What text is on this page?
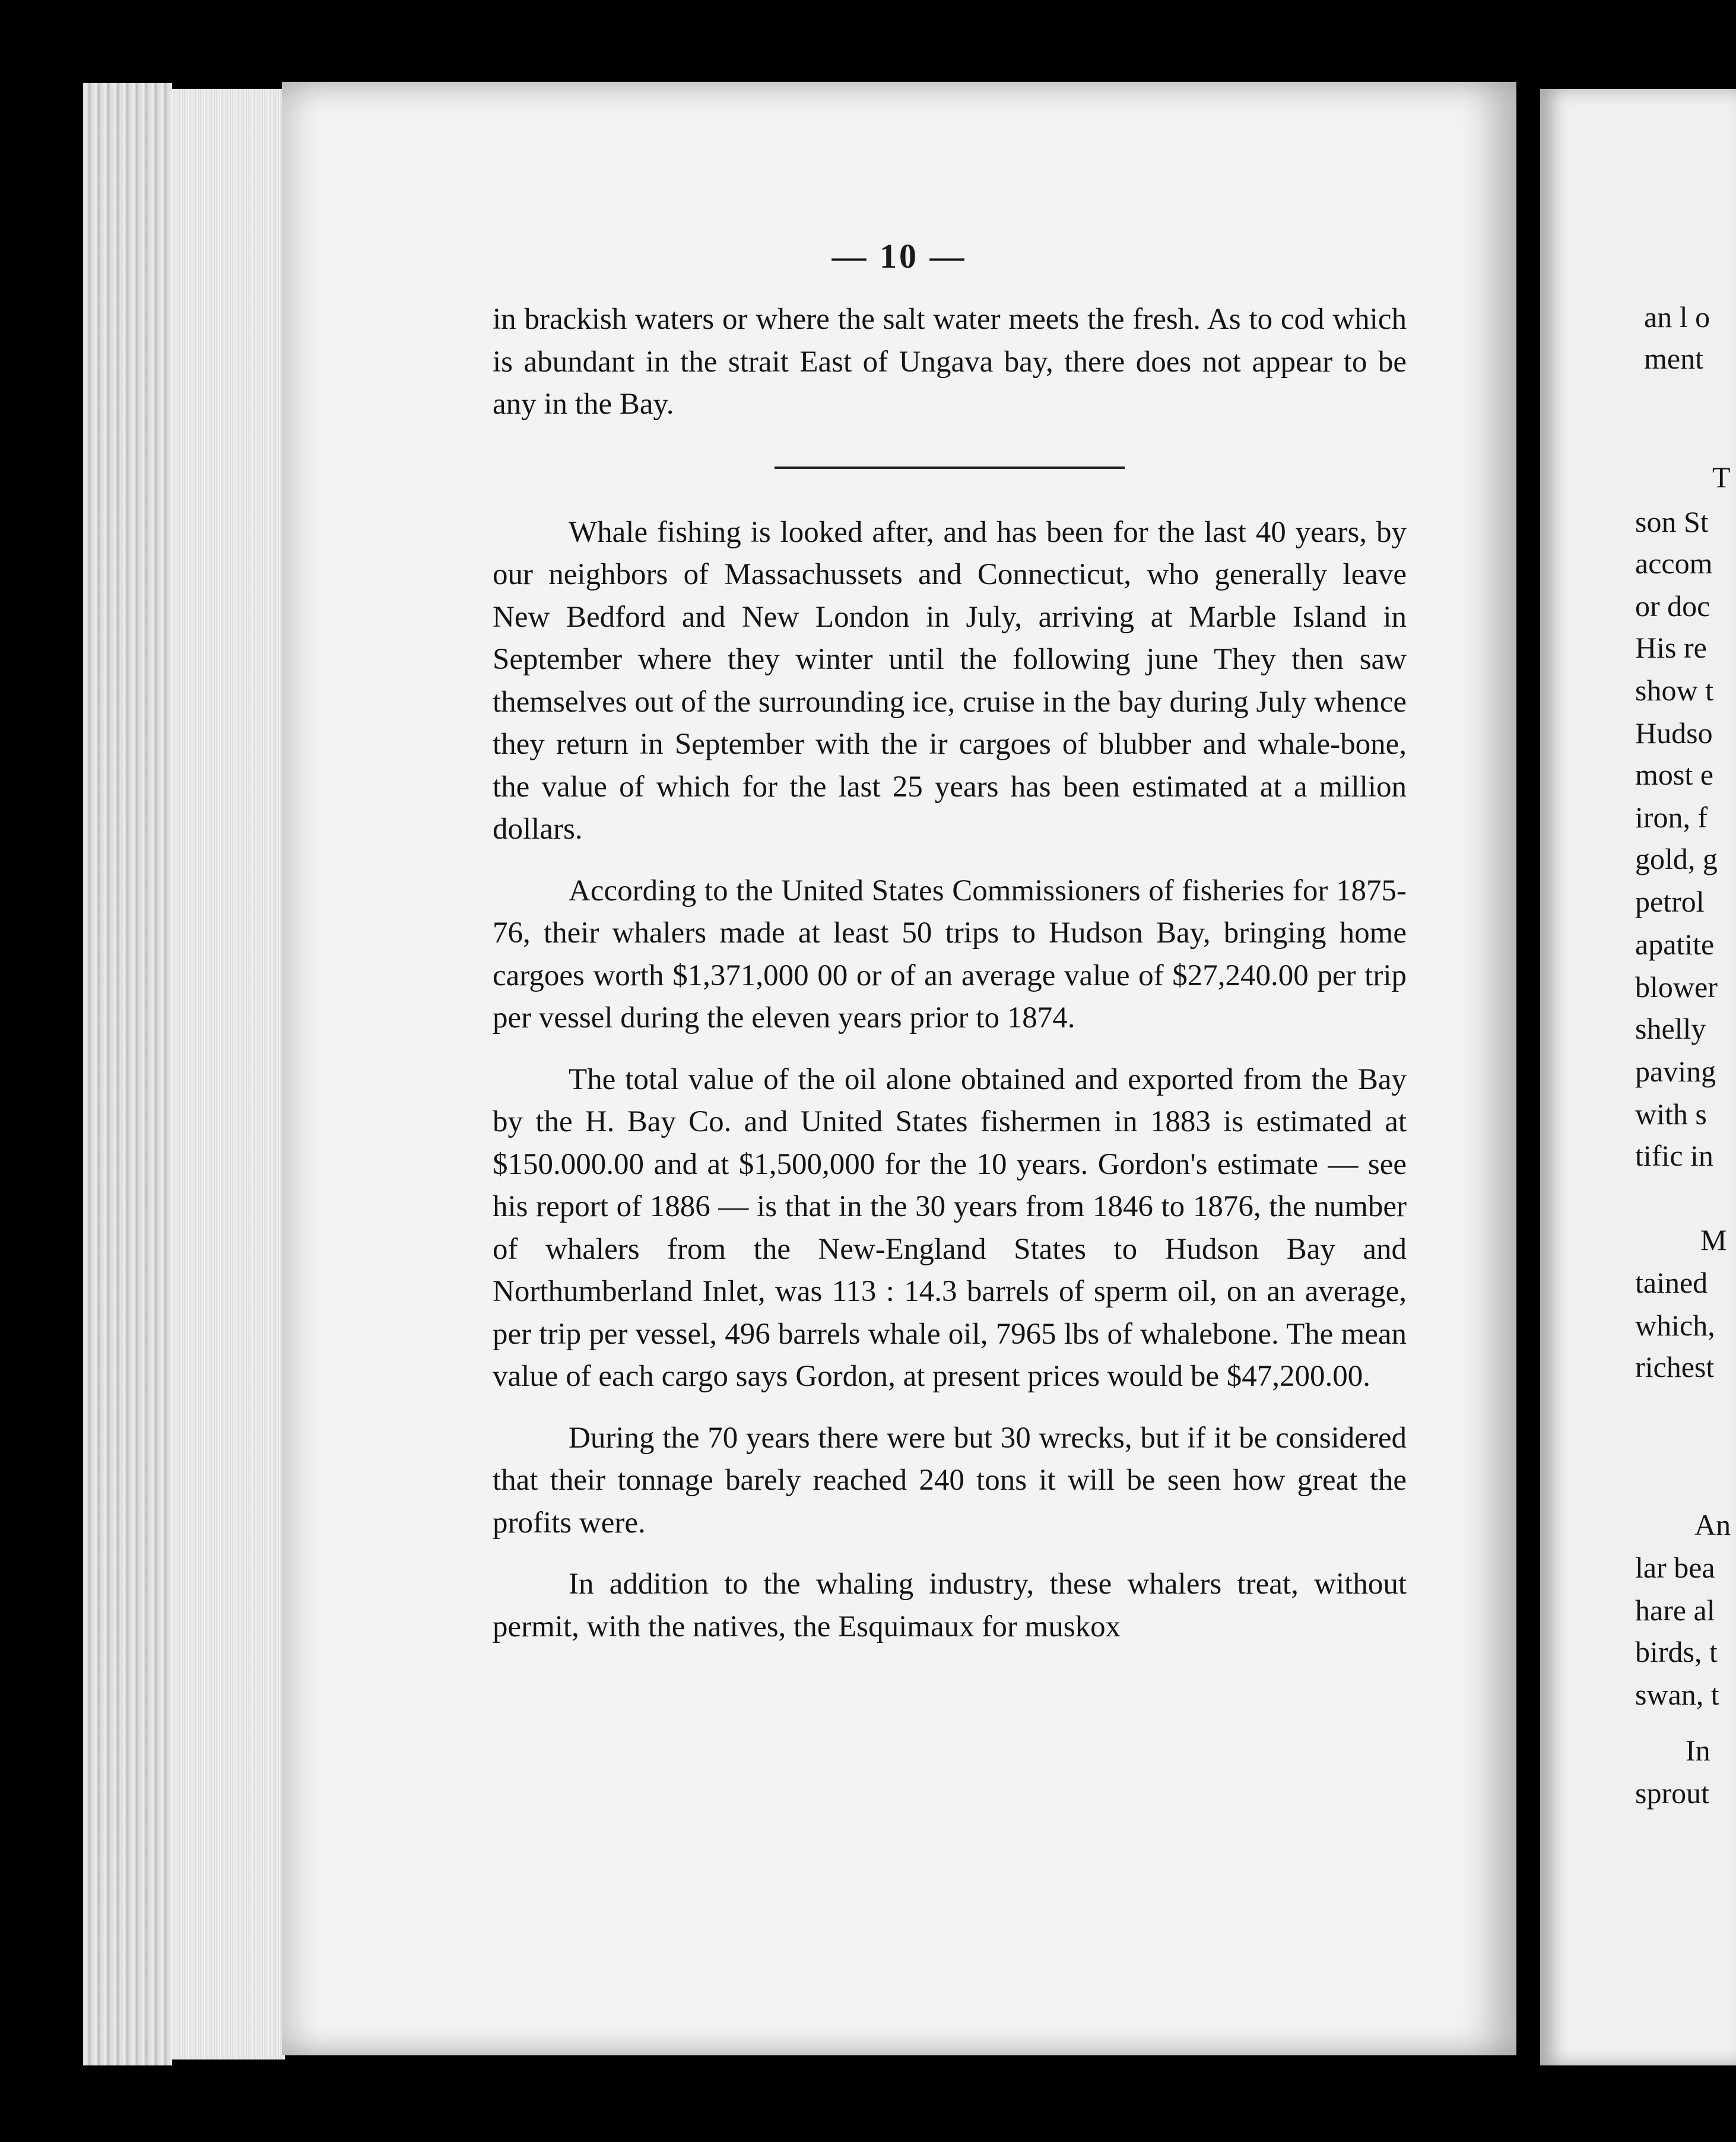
— 10 —

in brackish waters or where the salt water meets the fresh. As to cod which is abundant in the strait East of Ungava bay, there does not appear to be any in the Bay.

Whale fishing is looked after, and has been for the last 40 years, by our neighbors of Massachussets and Connecticut, who generally leave New Bedford and New London in July, arriving at Marble Island in September where they winter until the following june They then saw themselves out of the surrounding ice, cruise in the bay during July whence they return in September with the ir cargoes of blubber and whale-bone, the value of which for the last 25 years has been estimated at a million dollars.

According to the United States Commissioners of fisheries for 1875-76, their whalers made at least 50 trips to Hudson Bay, bringing home cargoes worth $1,371,000 00 or of an average value of $27,240.00 per trip per vessel during the eleven years prior to 1874.

The total value of the oil alone obtained and exported from the Bay by the H. Bay Co. and United States fishermen in 1883 is estimated at $150.000.00 and at $1,500,000 for the 10 years. Gordon's estimate — see his report of 1886 — is that in the 30 years from 1846 to 1876, the number of whalers from the New-England States to Hudson Bay and Northumberland Inlet, was 113 : 14.3 barrels of sperm oil, on an average, per trip per vessel, 496 barrels whale oil, 7965 lbs of whalebone. The mean value of each cargo says Gordon, at present prices would be $47,200.00.

During the 70 years there were but 30 wrecks, but if it be considered that their tonnage barely reached 240 tons it will be seen how great the profits were.

In addition to the whaling industry, these whalers treat, without permit, with the natives, the Esquimaux for muskox

an l o
ment
T
son St
accom
or doc
His re
show t
Hudso
most e
iron, f
gold, g
petrol
apatite
blower
shelly
paving
with s
tific in
M
tained
which,
richest
An
lar bea
hare al
birds, t
swan, t
In
sprout
